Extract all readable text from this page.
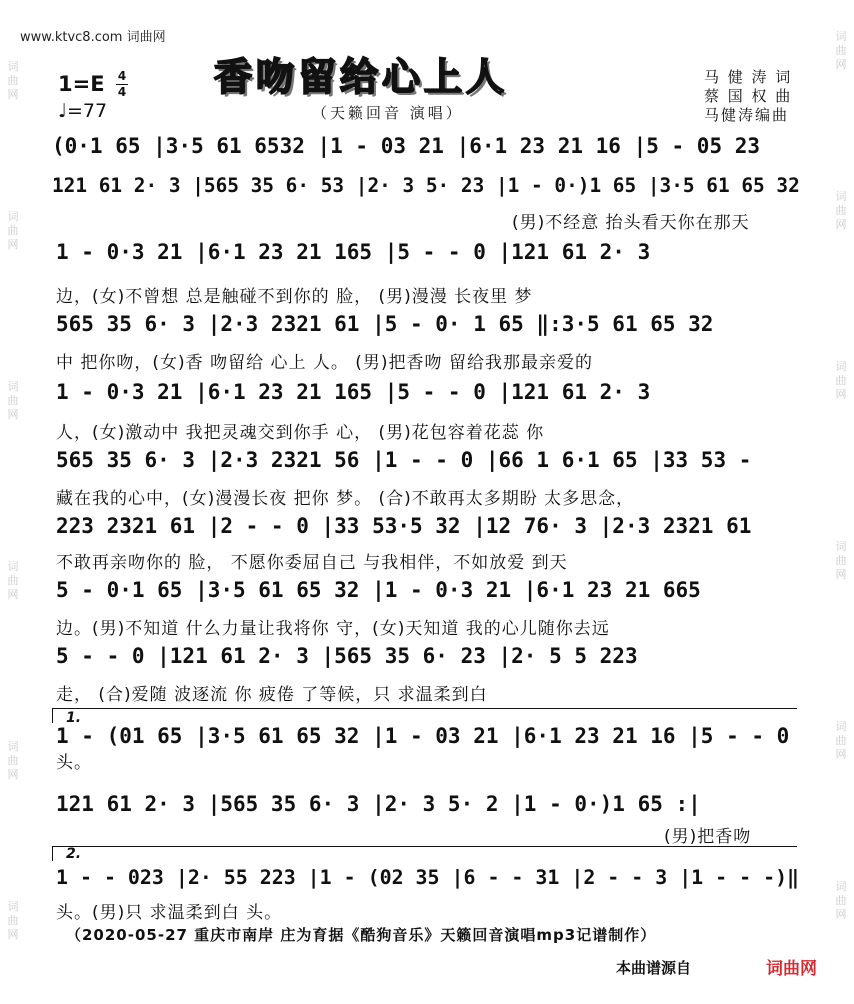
www.ktvc8.com 词曲网
词 曲 网
词 曲 网
词 曲 网
词 曲 网
词 曲 网
词 曲 网
词 曲 网
词 曲 网
词 曲 网
词 曲 网
词 曲 网
词 曲 网
香吻留给心上人
1=E 4
4
♩=77	（天籁回音 演唱）
马 健 涛 词
蔡 国 权 曲
马健涛编曲
(0·1 65 |3·5 61 6532 |1 - 03 21 |6·1 23 21 16 |5 - 05 23
121 61 2· 3 |565 35 6· 53 |2· 3 5· 23 |1 - 0·)1 65 |3·5 61 65 32
(男)不经意 抬头看天你在那天
1 - 0·3 21 |6·1 23 21 165 |5 - - 0 |121 61 2· 3
边，(女)不曾想 总是触碰不到你的 脸， (男)漫漫 长夜里 梦
565 35 6· 3 |2·3 2321 61 |5 - 0· 1 65 ‖:3·5 61 65 32
中 把你吻，(女)香 吻留给 心上 人。 (男)把香吻 留给我那最亲爱的
1 - 0·3 21 |6·1 23 21 165 |5 - - 0 |121 61 2· 3
人，(女)激动中 我把灵魂交到你手 心， (男)花包容着花蕊 你
565 35 6· 3 |2·3 2321 56 |1 - - 0 |66 1 6·1 65 |33 53 -
藏在我的心中，(女)漫漫长夜 把你 梦。 (合)不敢再太多期盼 太多思念，
223 2321 61 |2 - - 0 |33 53·5 32 |12 76· 3 |2·3 2321 61
不敢再亲吻你的 脸， 不愿你委屈自己 与我相伴，不如放爱 到天
5 - 0·1 65 |3·5 61 65 32 |1 - 0·3 21 |6·1 23 21 665
边。(男)不知道 什么力量让我将你 守，(女)天知道 我的心儿随你去远
5 - - 0 |121 61 2· 3 |565 35 6· 23 |2· 5 5 223
走， (合)爱随 波逐流 你 疲倦 了等候，只 求温柔到白
1.
1 - (01 65 |3·5 61 65 32 |1 - 03 21 |6·1 23 21 16 |5 - - 0
头。
121 61 2· 3 |565 35 6· 3 |2· 3 5· 2 |1 - 0·)1 65 :|
(男)把香吻
2.
1 - - 023 |2· 55 223 |1 - (02 35 |6 - - 31 |2 - - 3 |1 - - -)‖
头。(男)只 求温柔到白 头。
（2020-05-27 重庆市南岸 庄为育据《酷狗音乐》天籁回音演唱mp3记谱制作）
本曲谱源自	词曲网
